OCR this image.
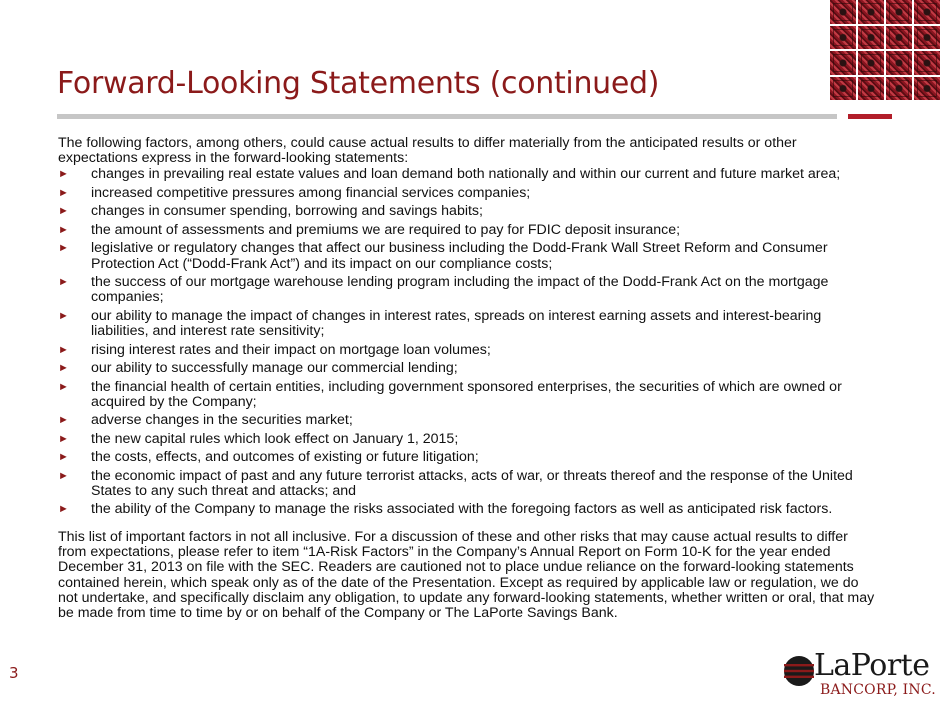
Forward-Looking Statements (continued)

The following factors, among others, could cause actual results to differ materially from the anticipated results or other expectations express in the forward-looking statements:

► changes in prevailing real estate values and loan demand both nationally and within our current and future market area;
► increased competitive pressures among financial services companies;
► changes in consumer spending, borrowing and savings habits;
► the amount of assessments and premiums we are required to pay for FDIC deposit insurance;
► legislative or regulatory changes that affect our business including the Dodd-Frank Wall Street Reform and Consumer Protection Act (“Dodd-Frank Act”) and its impact on our compliance costs;
► the success of our mortgage warehouse lending program including the impact of the Dodd-Frank Act on the mortgage companies;
► our ability to manage the impact of changes in interest rates, spreads on interest earning assets and interest-bearing liabilities, and interest rate sensitivity;
► rising interest rates and their impact on mortgage loan volumes;
► our ability to successfully manage our commercial lending;
► the financial health of certain entities, including government sponsored enterprises, the securities of which are owned or acquired by the Company;
► adverse changes in the securities market;
► the new capital rules which look effect on January 1, 2015;
► the costs, effects, and outcomes of existing or future litigation;
► the economic impact of past and any future terrorist attacks, acts of war, or threats thereof and the response of the United States to any such threat and attacks; and
► the ability of the Company to manage the risks associated with the foregoing factors as well as anticipated risk factors.

This list of important factors in not all inclusive. For a discussion of these and other risks that may cause actual results to differ from expectations, please refer to item “1A-Risk Factors” in the Company’s Annual Report on Form 10-K for the year ended December 31, 2013 on file with the SEC. Readers are cautioned not to place undue reliance on the forward-looking statements contained herein, which speak only as of the date of the Presentation. Except as required by applicable law or regulation, we do not undertake, and specifically disclaim any obligation, to update any forward-looking statements, whether written or oral, that may be made from time to time by or on behalf of the Company or The LaPorte Savings Bank.

3	LaPorte
BANCORP, INC.
